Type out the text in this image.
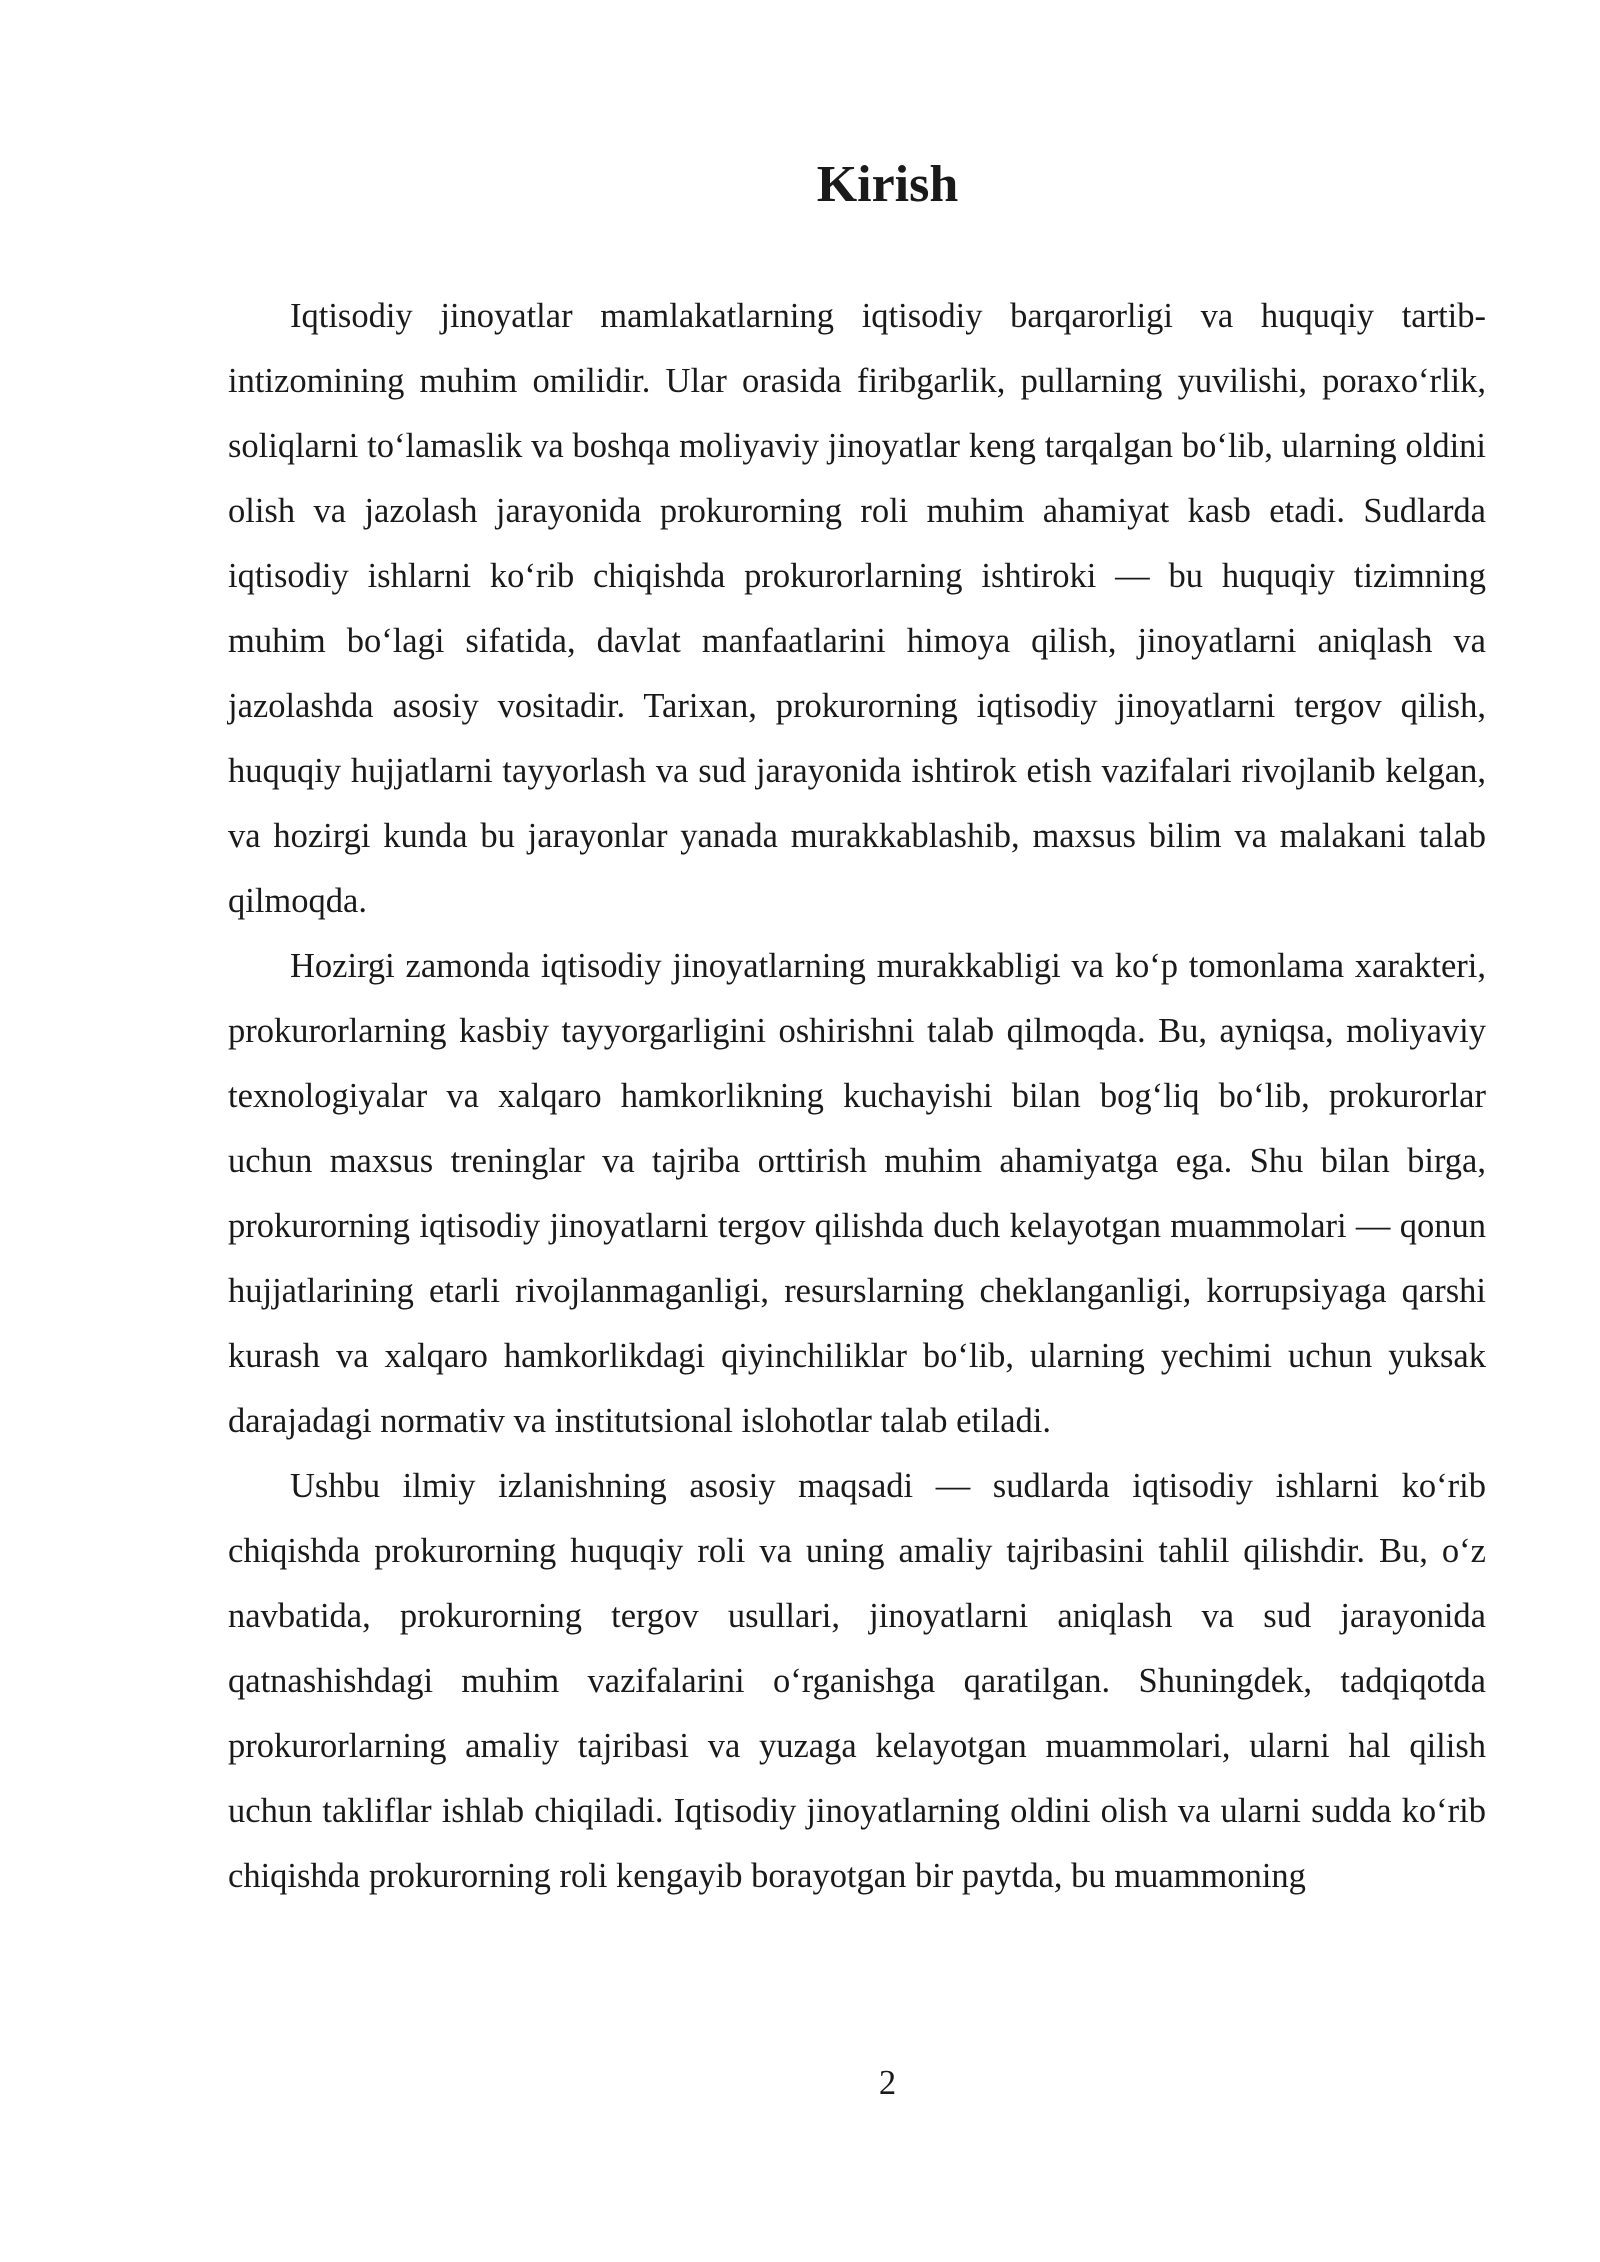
Kirish

Iqtisodiy jinoyatlar mamlakatlarning iqtisodiy barqarorligi va huquqiy tartib-intizomining muhim omilidir. Ular orasida firibgarlik, pullarning yuvilishi, poraxo‘rlik, soliqlarni to‘lamaslik va boshqa moliyaviy jinoyatlar keng tarqalgan bo‘lib, ularning oldini olish va jazolash jarayonida prokurorning roli muhim ahamiyat kasb etadi. Sudlarda iqtisodiy ishlarni ko‘rib chiqishda prokurorlarning ishtiroki — bu huquqiy tizimning muhim bo‘lagi sifatida, davlat manfaatlarini himoya qilish, jinoyatlarni aniqlash va jazolashda asosiy vositadir. Tarixan, prokurorning iqtisodiy jinoyatlarni tergov qilish, huquqiy hujjatlarni tayyorlash va sud jarayonida ishtirok etish vazifalari rivojlanib kelgan, va hozirgi kunda bu jarayonlar yanada murakkablashib, maxsus bilim va malakani talab qilmoqda.

Hozirgi zamonda iqtisodiy jinoyatlarning murakkabligi va ko‘p tomonlama xarakteri, prokurorlarning kasbiy tayyorgarligini oshirishni talab qilmoqda. Bu, ayniqsa, moliyaviy texnologiyalar va xalqaro hamkorlikning kuchayishi bilan bog‘liq bo‘lib, prokurorlar uchun maxsus treninglar va tajriba orttirish muhim ahamiyatga ega. Shu bilan birga, prokurorning iqtisodiy jinoyatlarni tergov qilishda duch kelayotgan muammolari — qonun hujjatlarining etarli rivojlanmaganligi, resurslarning cheklanganligi, korrupsiyaga qarshi kurash va xalqaro hamkorlikdagi qiyinchiliklar bo‘lib, ularning yechimi uchun yuksak darajadagi normativ va institutsional islohotlar talab etiladi.

Ushbu ilmiy izlanishning asosiy maqsadi — sudlarda iqtisodiy ishlarni ko‘rib chiqishda prokurorning huquqiy roli va uning amaliy tajribasini tahlil qilishdir. Bu, o‘z navbatida, prokurorning tergov usullari, jinoyatlarni aniqlash va sud jarayonida qatnashishdagi muhim vazifalarini o‘rganishga qaratilgan. Shuningdek, tadqiqotda prokurorlarning amaliy tajribasi va yuzaga kelayotgan muammolari, ularni hal qilish uchun takliflar ishlab chiqiladi. Iqtisodiy jinoyatlarning oldini olish va ularni sudda ko‘rib chiqishda prokurorning roli kengayib borayotgan bir paytda, bu muammoning

2
